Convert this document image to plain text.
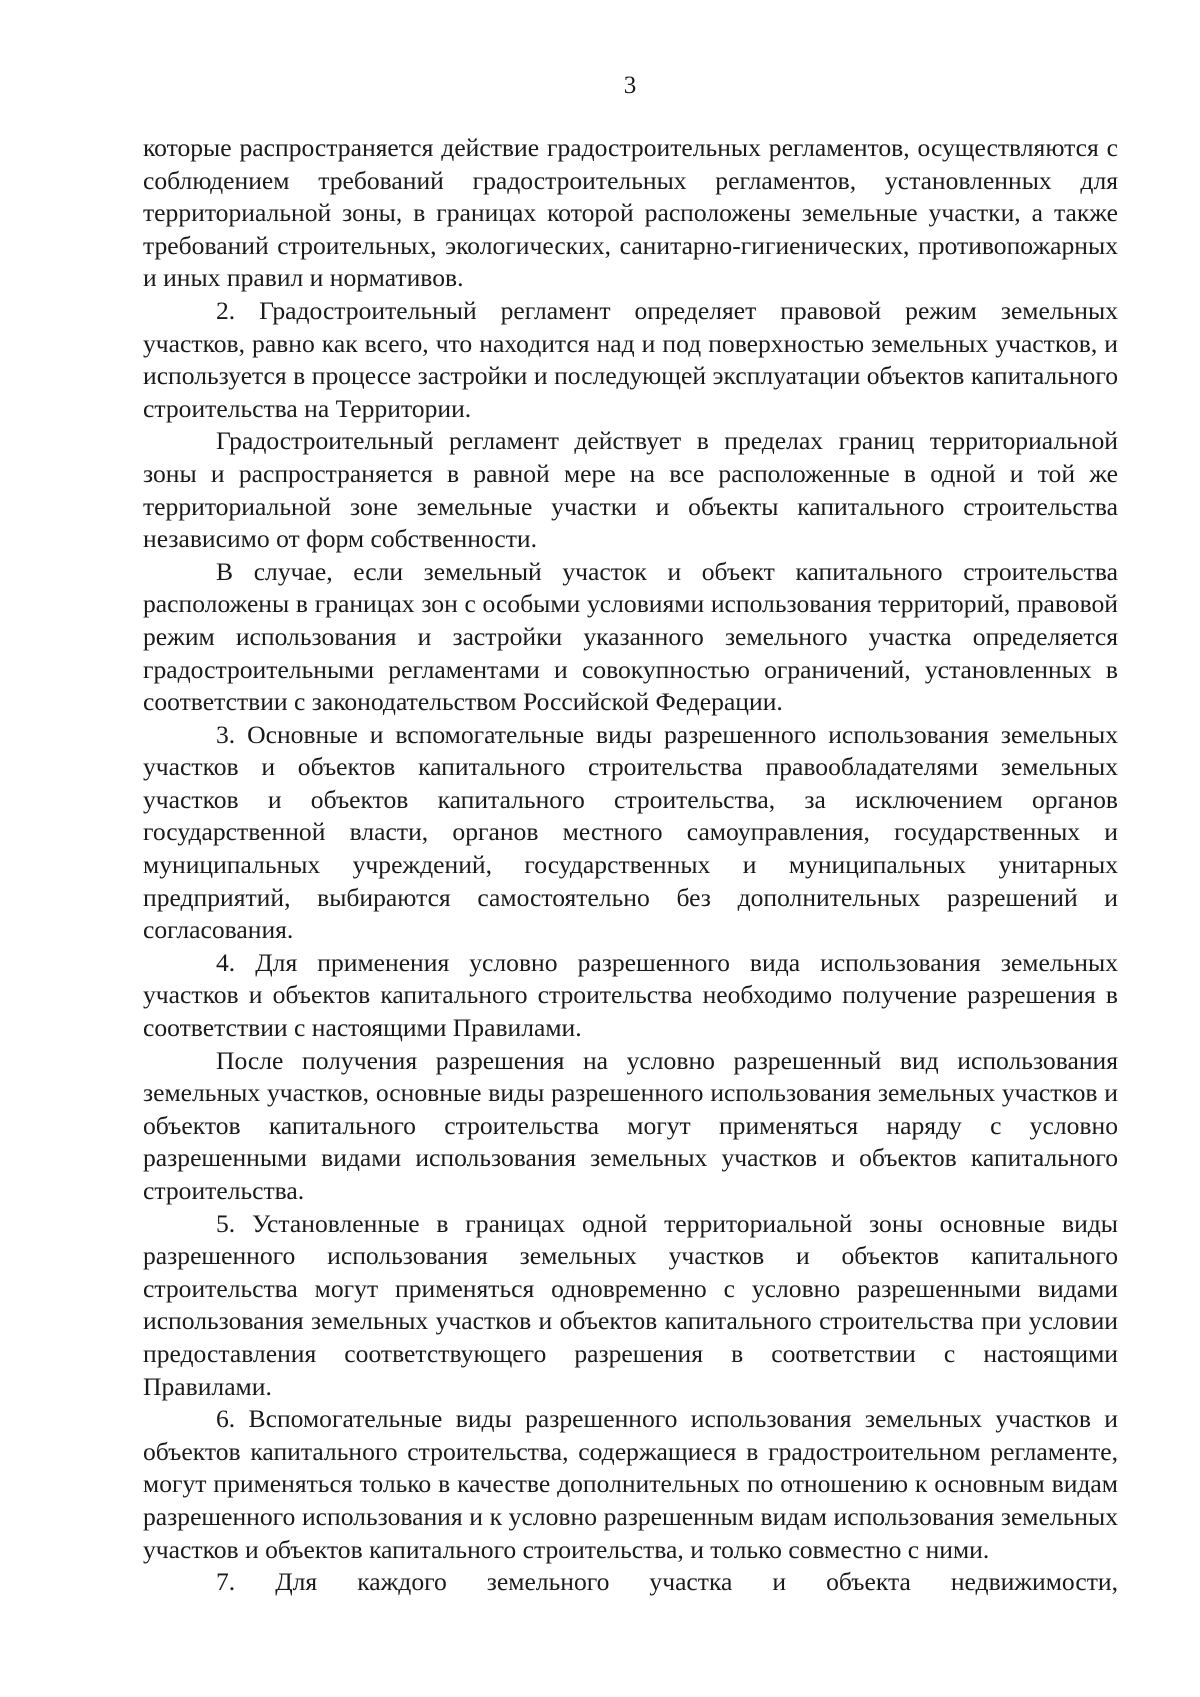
3

которые распространяется действие градостроительных регламентов, осуществляются с соблюдением требований градостроительных регламентов, установленных для территориальной зоны, в границах которой расположены земельные участки, а также требований строительных, экологических, санитарно-гигиенических, противопожарных и иных правил и нормативов.

2. Градостроительный регламент определяет правовой режим земельных участков, равно как всего, что находится над и под поверхностью земельных участков, и используется в процессе застройки и последующей эксплуатации объектов капитального строительства на Территории.

Градостроительный регламент действует в пределах границ территориальной зоны и распространяется в равной мере на все расположенные в одной и той же территориальной зоне земельные участки и объекты капитального строительства независимо от форм собственности.

В случае, если земельный участок и объект капитального строительства расположены в границах зон с особыми условиями использования территорий, правовой режим использования и застройки указанного земельного участка определяется градостроительными регламентами и совокупностью ограничений, установленных в соответствии с законодательством Российской Федерации.

3. Основные и вспомогательные виды разрешенного использования земельных участков и объектов капитального строительства правообладателями земельных участков и объектов капитального строительства, за исключением органов государственной власти, органов местного самоуправления, государственных и муниципальных учреждений, государственных и муниципальных унитарных предприятий, выбираются самостоятельно без дополнительных разрешений и согласования.

4. Для применения условно разрешенного вида использования земельных участков и объектов капитального строительства необходимо получение разрешения в соответствии с настоящими Правилами.

После получения разрешения на условно разрешенный вид использования земельных участков, основные виды разрешенного использования земельных участков и объектов капитального строительства могут применяться наряду с условно разрешенными видами использования земельных участков и объектов капитального строительства.

5. Установленные в границах одной территориальной зоны основные виды разрешенного использования земельных участков и объектов капитального строительства могут применяться одновременно с условно разрешенными видами использования земельных участков и объектов капитального строительства при условии предоставления соответствующего разрешения в соответствии с настоящими Правилами.

6. Вспомогательные виды разрешенного использования земельных участков и объектов капитального строительства, содержащиеся в градостроительном регламенте, могут применяться только в качестве дополнительных по отношению к основным видам разрешенного использования и к условно разрешенным видам использования земельных участков и объектов капитального строительства, и только совместно с ними.

7. Для каждого земельного участка и объекта недвижимости,
